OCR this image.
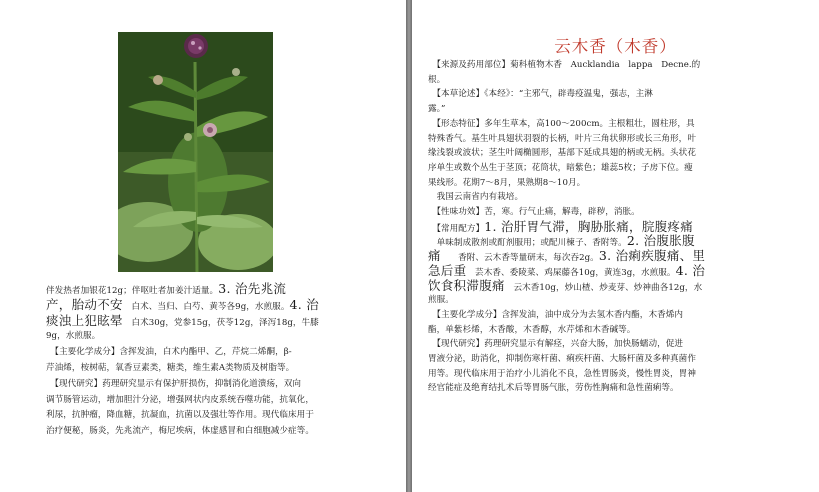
伴发热者加银花12g；伴呕吐者加姜汁适量。3. 治先兆流
产，胎动不安　白术、当归、白芍、黄芩各9g，水煎服。4. 治
痰浊上犯眩晕　白术30g，党参15g，茯苓12g，泽泻18g，牛膝
9g，水煎服。
　【主要化学成分】含挥发油，白术内酯甲、乙，芹烷二烯酮，β-
芹油烯，桉树萜，氧香豆素类，糖类，维生素A类物质及树脂等。
　【现代研究】药理研究显示有保护肝损伤，抑制消化道溃疡，双向
调节肠管运动，增加胆汁分泌，增强网状内皮系统吞噬功能，抗氧化，
利尿，抗肿瘤，降血糖，抗凝血，抗菌以及强壮等作用。现代临床用于
治疗便秘，肠炎，先兆流产，梅尼埃病，体虚感冒和白细胞减少症等。
云木香（木香）
　【来源及药用部位】菊科植物木香　Aucklandia　lappa　Decne.的
根。
　【本草论述】《本经》：“主邪气，辟毒疫温鬼，强志，主淋
露。”
　【形态特征】多年生草本，高100～200cm。主根粗壮，圆柱形，具
特殊香气。基生叶具翅状羽裂的长柄，叶片三角状卵形或长三角形，叶
缘浅裂或波状；茎生叶阔椭圆形，基部下延成具翅的柄或无柄。头状花
序单生或数个丛生于茎顶；花筒状，暗紫色；雄蕊5枚；子房下位。瘦
果线形。花期7～8月，果熟期8～10月。
　我国云南省内有栽培。
　【性味功效】苦，寒。行气止痛，解毒，辟秽，消胀。
　【常用配方】1. 治肝胃气滞，胸胁胀痛，脘腹疼痛
　单味制成散剂或酊剂服用；或配川楝子、香附等。2. 治腹胀腹
痛　　香附、云木香等量研末，每次吞2g。3. 治痢疾腹痛、里
急后重　芸木香、委陵菜、鸡屎藤各10g，黄连3g，水煎服。4. 治
饮食积滞腹痛　云木香10g，炒山楂、炒麦芽、炒神曲各12g，水
煎服。
　【主要化学成分】含挥发油，油中成分为去氢木香内酯，木香烯内
酯，单紫杉烯，木香酸，木香醇，水芹烯和木香碱等。
　【现代研究】药理研究显示有解痉，兴奋大肠，加快肠蠕动，促进
胃液分泌，助消化，抑制伤寒杆菌、痢疾杆菌、大肠杆菌及多种真菌作
用等。现代临床用于治疗小儿消化不良，急性胃肠炎，慢性胃炎，胃神
经官能症及绝育结扎术后等胃肠气胀，劳伤性胸痛和急性菌痢等。
